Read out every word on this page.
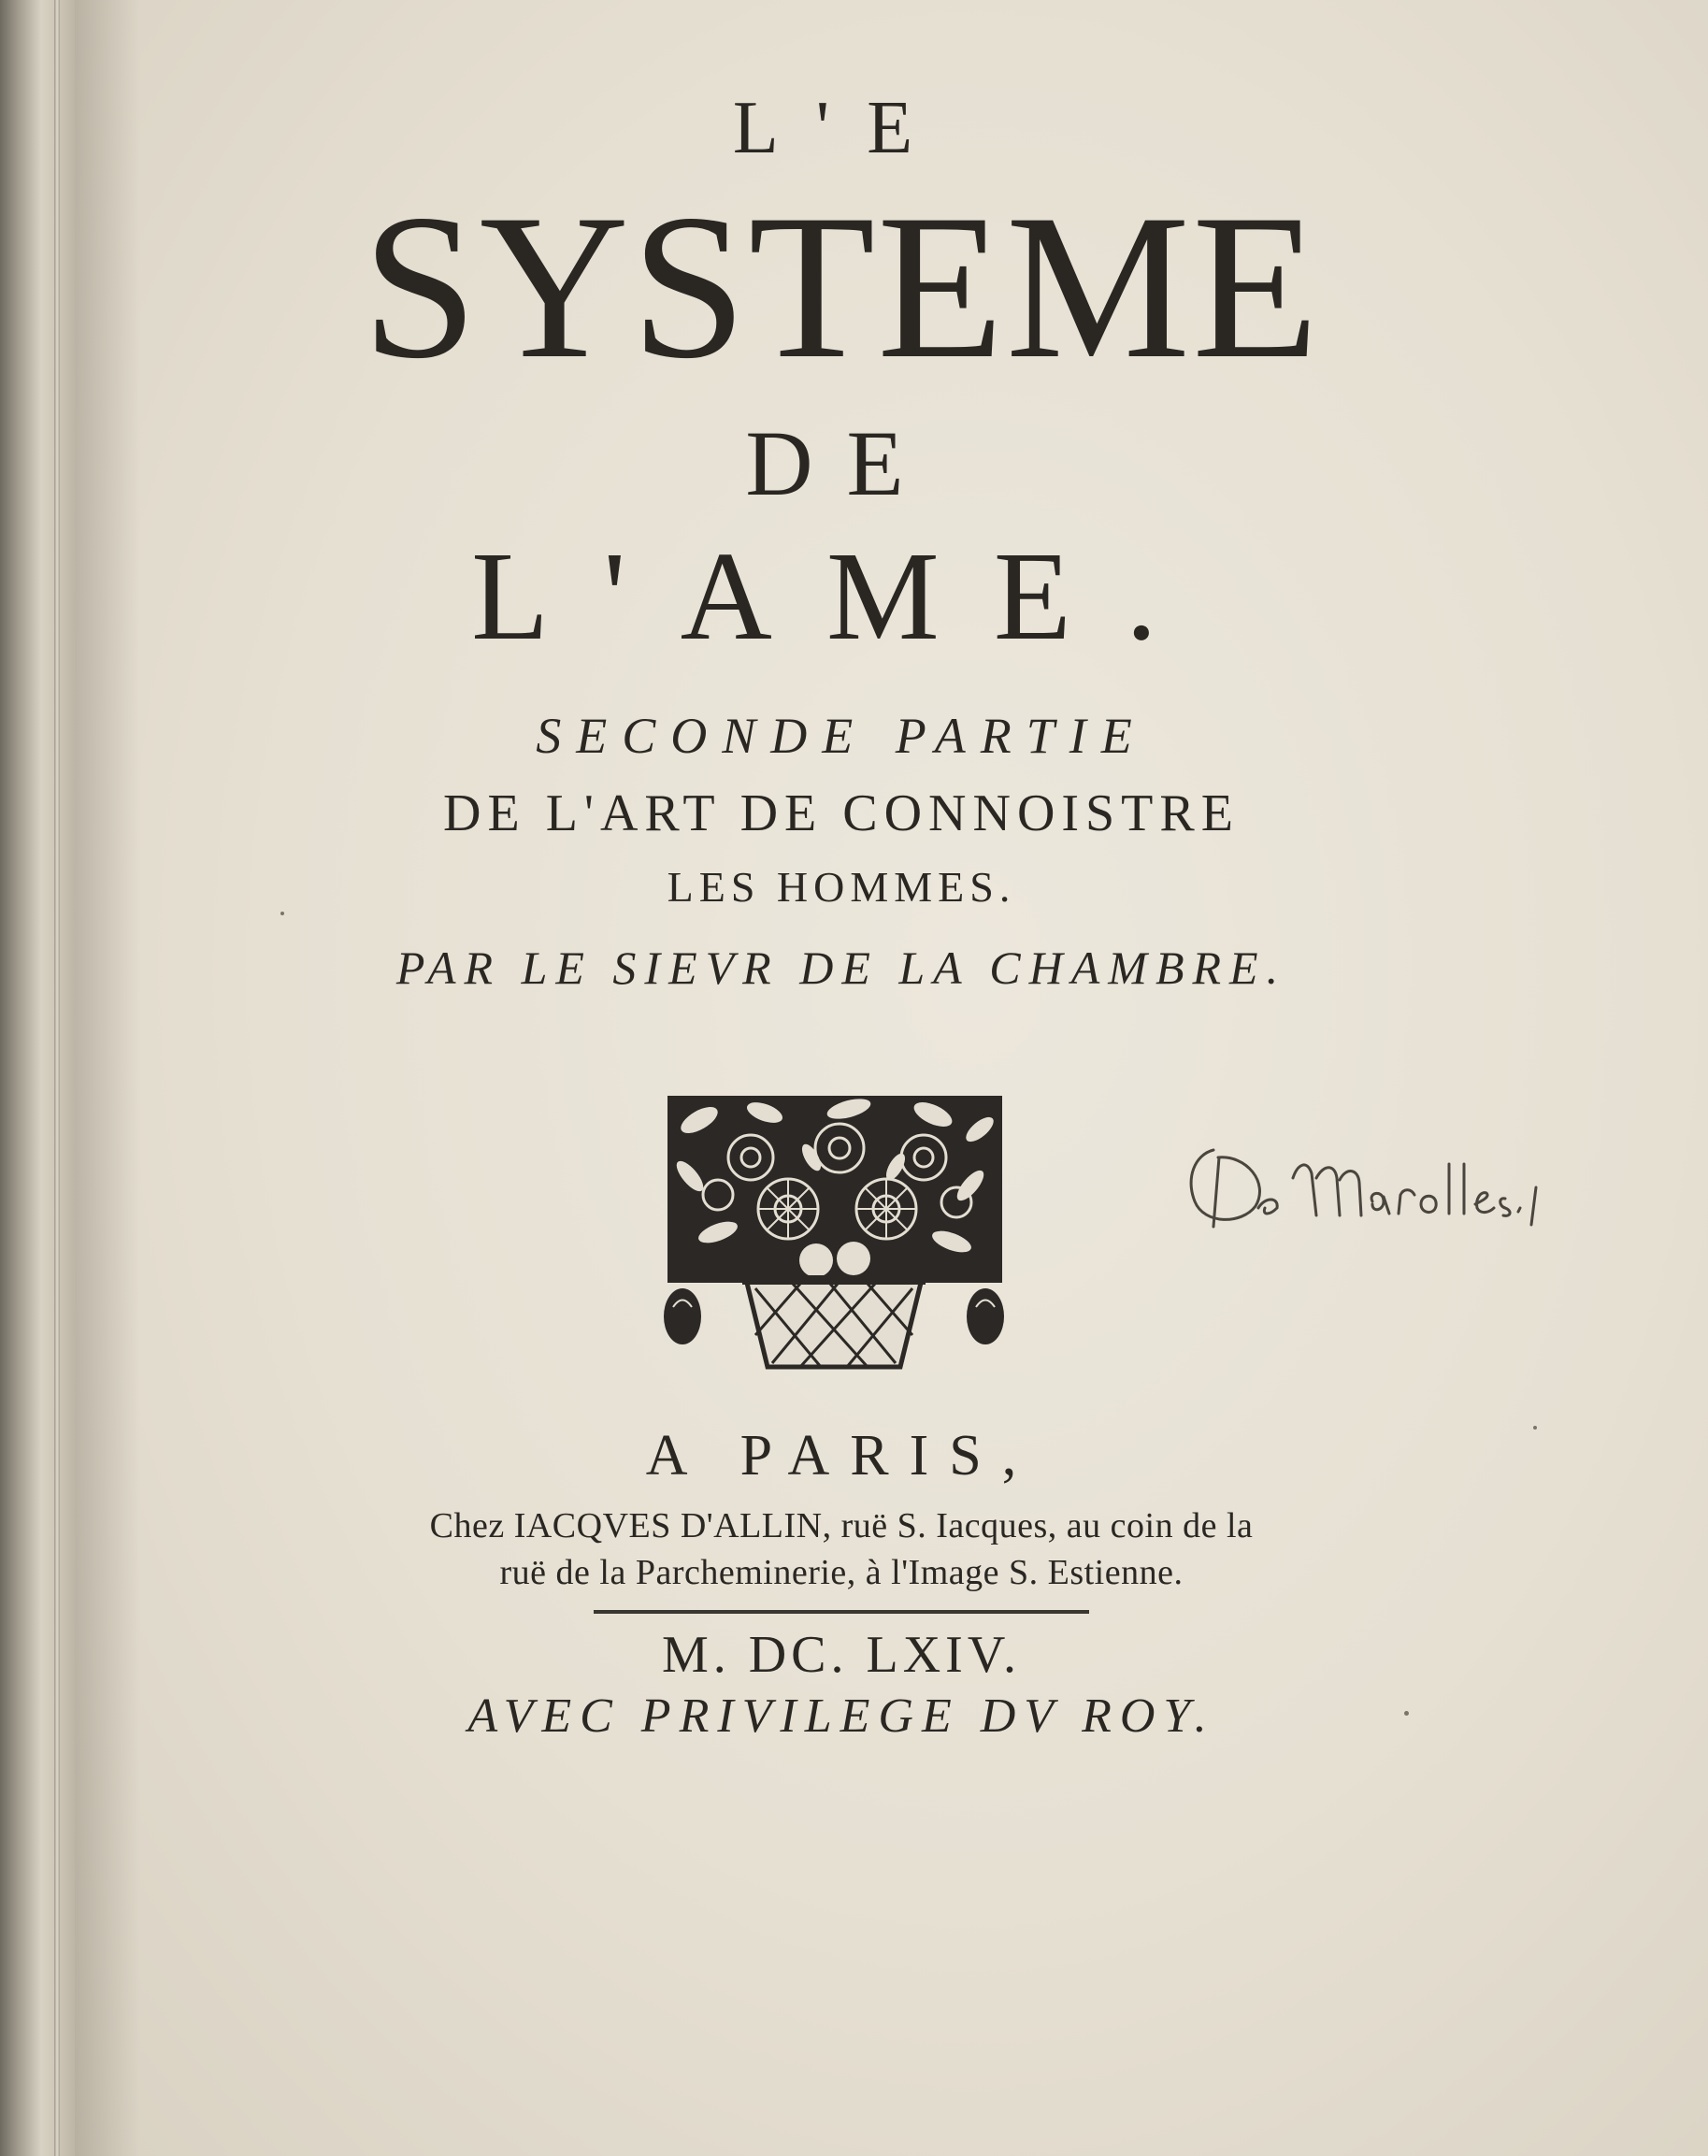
L'E
SYSTEME
DE
L'AME.
SECONDE PARTIE
DE L'ART DE CONNOISTRE
LES HOMMES.
PAR LE SIEVR DE LA CHAMBRE.
A PARIS,
Chez IACQVES D'ALLIN, ruë S. Iacques, au coin de la
ruë de la Parcheminerie, à l'Image S. Estienne.
M. DC. LXIV.
AVEC PRIVILEGE DV ROY.
